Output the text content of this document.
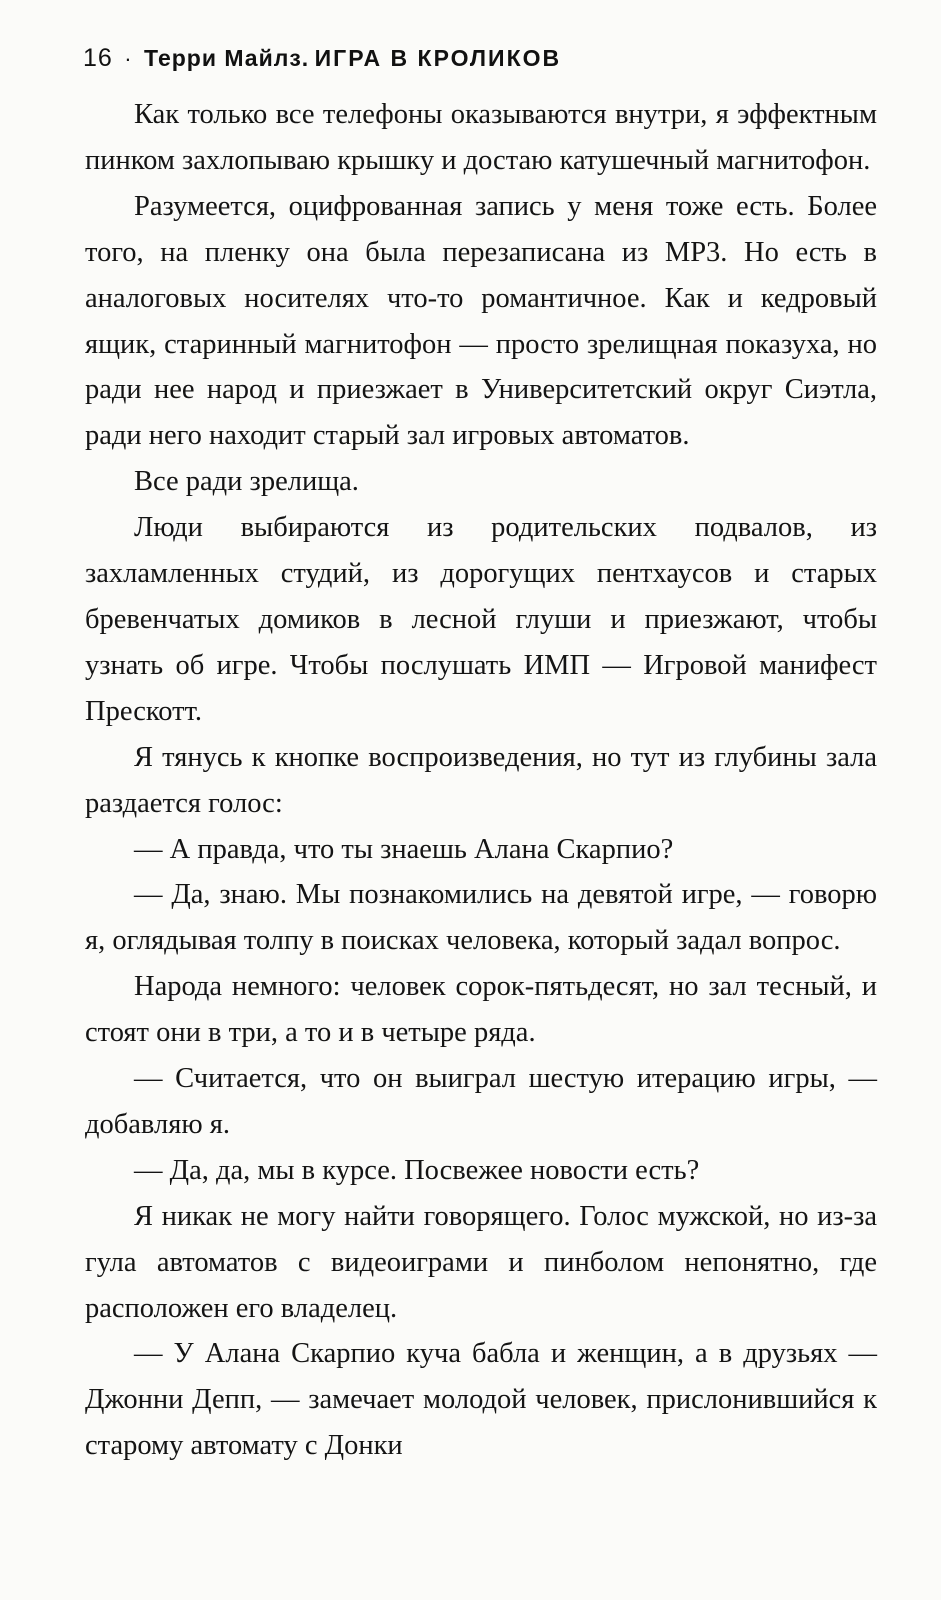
16 · Терри Майлз. ИГРА В КРОЛИКОВ

Как только все телефоны оказываются внутри, я эффектным пинком захлопываю крышку и достаю катушечный магнитофон.

Разумеется, оцифрованная запись у меня тоже есть. Более того, на пленку она была перезаписана из MP3. Но есть в аналоговых носителях что-то романтичное. Как и кедровый ящик, старинный магнитофон — просто зрелищная показуха, но ради нее народ и приезжает в Университетский округ Сиэтла, ради него находит старый зал игровых автоматов.

Все ради зрелища.

Люди выбираются из родительских подвалов, из захламленных студий, из дорогущих пентхаусов и старых бревенчатых домиков в лесной глуши и приезжают, чтобы узнать об игре. Чтобы послушать ИМП — Игровой манифест Прескотт.

Я тянусь к кнопке воспроизведения, но тут из глубины зала раздается голос:

— А правда, что ты знаешь Алана Скарпио?

— Да, знаю. Мы познакомились на девятой игре, — говорю я, оглядывая толпу в поисках человека, который задал вопрос.

Народа немного: человек сорок-пятьдесят, но зал тесный, и стоят они в три, а то и в четыре ряда.

— Считается, что он выиграл шестую итерацию игры, — добавляю я.

— Да, да, мы в курсе. Посвежее новости есть?

Я никак не могу найти говорящего. Голос мужской, но из-за гула автоматов с видеоиграми и пинболом непонятно, где расположен его владелец.

— У Алана Скарпио куча бабла и женщин, а в друзьях — Джонни Депп, — замечает молодой человек, прислонившийся к старому автомату с Донки
